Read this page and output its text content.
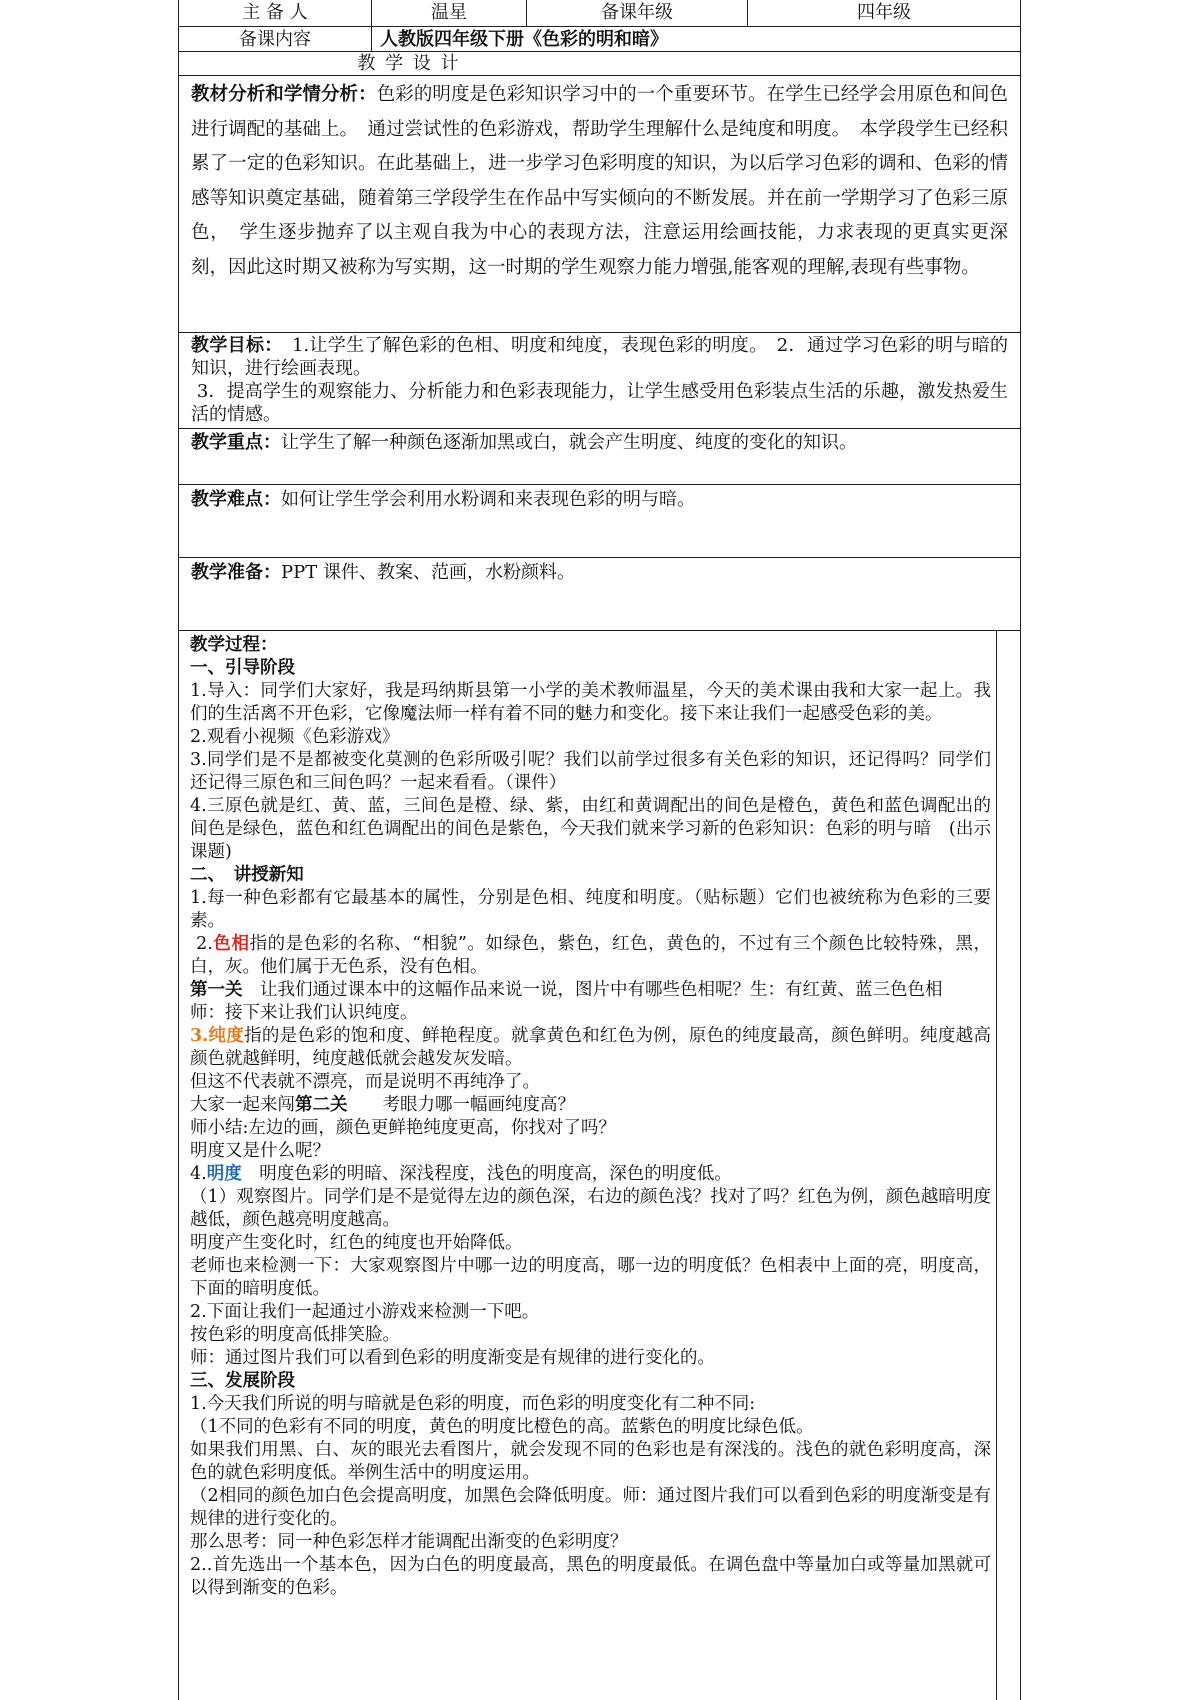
主 备 人	温星	备课年级	四年级
备课内容	人教版四年级下册《色彩的明和暗》
教 学 设 计
教材分析和学情分析：色彩的明度是色彩知识学习中的一个重要环节。在学生已经学会用原色和间色进行调配的基础上。　通过尝试性的色彩游戏，帮助学生理解什么是纯度和明度。　本学段学生已经积累了一定的色彩知识。在此基础上，进一步学习色彩明度的知识，为以后学习色彩的调和、色彩的情感等知识奠定基础，随着第三学段学生在作品中写实倾向的不断发展。并在前一学期学习了色彩三原色，　学生逐步抛弃了以主观自我为中心的表现方法，注意运用绘画技能，力求表现的更真实更深刻，因此这时期又被称为写实期，这一时期的学生观察力能力增强,能客观的理解,表现有些事物。

教学目标：　 1.让学生了解色彩的色相、明度和纯度，表现色彩的明度。　2．通过学习色彩的明与暗的知识，进行绘画表现。

3．提高学生的观察能力、分析能力和色彩表现能力，让学生感受用色彩装点生活的乐趣，激发热爱生活的情感。

教学重点：让学生了解一种颜色逐渐加黑或白，就会产生明度、纯度的变化的知识。
教学难点：如何让学生学会利用水粉调和来表现色彩的明与暗。
教学准备：PPT 课件、教案、范画，水粉颜料。

教学过程：

一、引导阶段

1.导入：同学们大家好，我是玛纳斯县第一小学的美术教师温星，今天的美术课由我和大家一起上。我们的生活离不开色彩，它像魔法师一样有着不同的魅力和变化。接下来让我们一起感受色彩的美。

2.观看小视频《色彩游戏》

3.同学们是不是都被变化莫测的色彩所吸引呢？我们以前学过很多有关色彩的知识，还记得吗？同学们还记得三原色和三间色吗？一起来看看。（课件）

4.三原色就是红、黄、蓝，三间色是橙、绿、紫，由红和黄调配出的间色是橙色，黄色和蓝色调配出的间色是绿色，蓝色和红色调配出的间色是紫色，今天我们就来学习新的色彩知识：色彩的明与暗　(出示课题)

二、　讲授新知

1.每一种色彩都有它最基本的属性，分别是色相、纯度和明度。（贴标题）它们也被统称为色彩的三要素。

2.色相指的是色彩的名称、“相貌”。如绿色，紫色，红色，黄色的，不过有三个颜色比较特殊，黑，白，灰。他们属于无色系，没有色相。

第一关　让我们通过课本中的这幅作品来说一说，图片中有哪些色相呢？生：有红黄、蓝三色色相

师：接下来让我们认识纯度。

3.纯度指的是色彩的饱和度、鲜艳程度。就拿黄色和红色为例，原色的纯度最高，颜色鲜明。纯度越高颜色就越鲜明，纯度越低就会越发灰发暗。

但这不代表就不漂亮，而是说明不再纯净了。

大家一起来闯第二关　　考眼力哪一幅画纯度高？

师小结:左边的画，颜色更鲜艳纯度更高，你找对了吗？

明度又是什么呢？

4.明度　明度色彩的明暗、深浅程度，浅色的明度高，深色的明度低。

（1）观察图片。同学们是不是觉得左边的颜色深，右边的颜色浅？找对了吗？红色为例，颜色越暗明度越低，颜色越亮明度越高。

明度产生变化时，红色的纯度也开始降低。

老师也来检测一下：大家观察图片中哪一边的明度高，哪一边的明度低？色相表中上面的亮，明度高，下面的暗明度低。

2.下面让我们一起通过小游戏来检测一下吧。

按色彩的明度高低排笑脸。

师：通过图片我们可以看到色彩的明度渐变是有规律的进行变化的。

三、发展阶段

1.今天我们所说的明与暗就是色彩的明度，而色彩的明度变化有二种不同:

（1不同的色彩有不同的明度，黄色的明度比橙色的高。蓝紫色的明度比绿色低。

如果我们用黑、白、灰的眼光去看图片，就会发现不同的色彩也是有深浅的。浅色的就色彩明度高，深色的就色彩明度低。举例生活中的明度运用。

（2相同的颜色加白色会提高明度，加黑色会降低明度。师：通过图片我们可以看到色彩的明度渐变是有规律的进行变化的。

那么思考：同一种色彩怎样才能调配出渐变的色彩明度？

2..首先选出一个基本色，因为白色的明度最高，黑色的明度最低。在调色盘中等量加白或等量加黑就可以得到渐变的色彩。
